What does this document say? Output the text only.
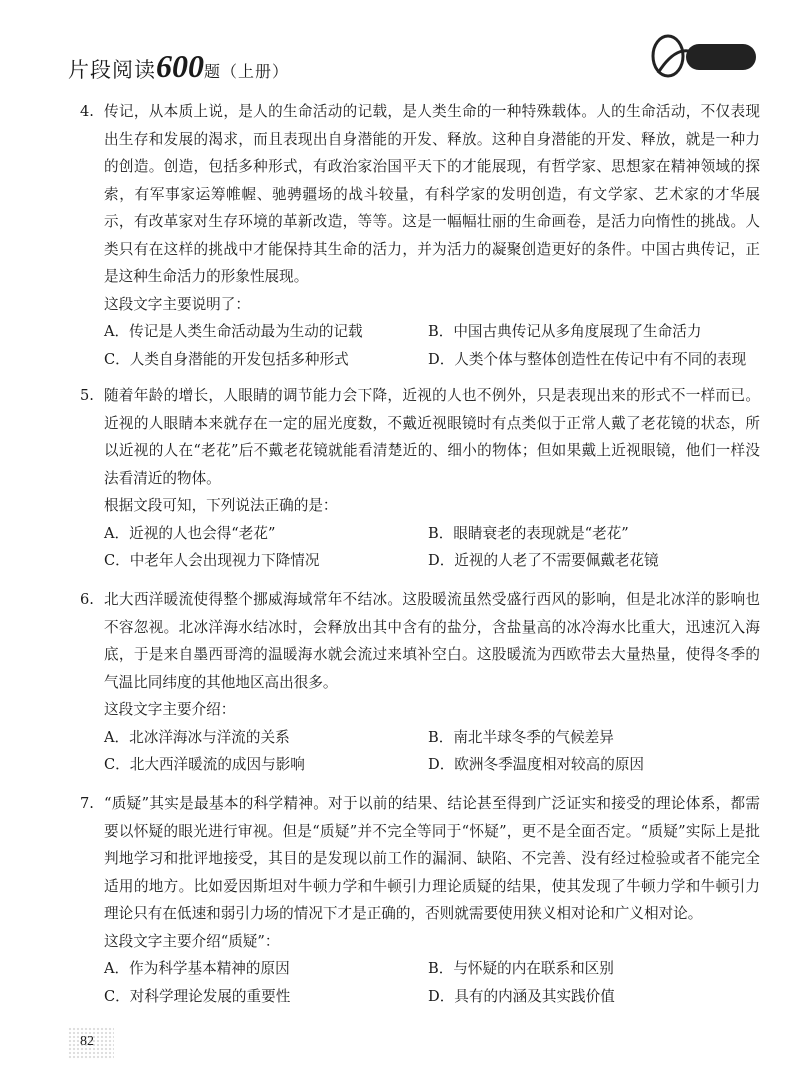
片段阅读600题（上册）
4. 传记，从本质上说，是人的生命活动的记载，是人类生命的一种特殊载体。人的生命活动，不仅表现出生存和发展的渴求，而且表现出自身潜能的开发、释放。这种自身潜能的开发、释放，就是一种力的创造。创造，包括多种形式，有政治家治国平天下的才能展现，有哲学家、思想家在精神领域的探索，有军事家运筹帷幄、驰骋疆场的战斗较量，有科学家的发明创造，有文学家、艺术家的才华展示，有改革家对生存环境的革新改造，等等。这是一幅幅壮丽的生命画卷，是活力向惰性的挑战。人类只有在这样的挑战中才能保持其生命的活力，并为活力的凝聚创造更好的条件。中国古典传记，正是这种生命活力的形象性展现。
这段文字主要说明了：
A．传记是人类生命活动最为生动的记载	B．中国古典传记从多角度展现了生命活力
C．人类自身潜能的开发包括多种形式	D．人类个体与整体创造性在传记中有不同的表现
5. 随着年龄的增长，人眼睛的调节能力会下降，近视的人也不例外，只是表现出来的形式不一样而已。近视的人眼睛本来就存在一定的屈光度数，不戴近视眼镜时有点类似于正常人戴了老花镜的状态，所以近视的人在“老花”后不戴老花镜就能看清楚近的、细小的物体；但如果戴上近视眼镜，他们一样没法看清近的物体。
根据文段可知，下列说法正确的是：
A．近视的人也会得“老花”	B．眼睛衰老的表现就是“老花”
C．中老年人会出现视力下降情况	D．近视的人老了不需要佩戴老花镜
6. 北大西洋暖流使得整个挪威海域常年不结冰。这股暖流虽然受盛行西风的影响，但是北冰洋的影响也不容忽视。北冰洋海水结冰时，会释放出其中含有的盐分，含盐量高的冰冷海水比重大，迅速沉入海底，于是来自墨西哥湾的温暖海水就会流过来填补空白。这股暖流为西欧带去大量热量，使得冬季的气温比同纬度的其他地区高出很多。
这段文字主要介绍：
A．北冰洋海冰与洋流的关系	B．南北半球冬季的气候差异
C．北大西洋暖流的成因与影响	D．欧洲冬季温度相对较高的原因
7. “质疑”其实是最基本的科学精神。对于以前的结果、结论甚至得到广泛证实和接受的理论体系，都需要以怀疑的眼光进行审视。但是“质疑”并不完全等同于“怀疑”，更不是全面否定。“质疑”实际上是批判地学习和批评地接受，其目的是发现以前工作的漏洞、缺陷、不完善、没有经过检验或者不能完全适用的地方。比如爱因斯坦对牛顿力学和牛顿引力理论质疑的结果，使其发现了牛顿力学和牛顿引力理论只有在低速和弱引力场的情况下才是正确的，否则就需要使用狭义相对论和广义相对论。
这段文字主要介绍“质疑”：
A．作为科学基本精神的原因	B．与怀疑的内在联系和区别
C．对科学理论发展的重要性	D．具有的内涵及其实践价值
82
